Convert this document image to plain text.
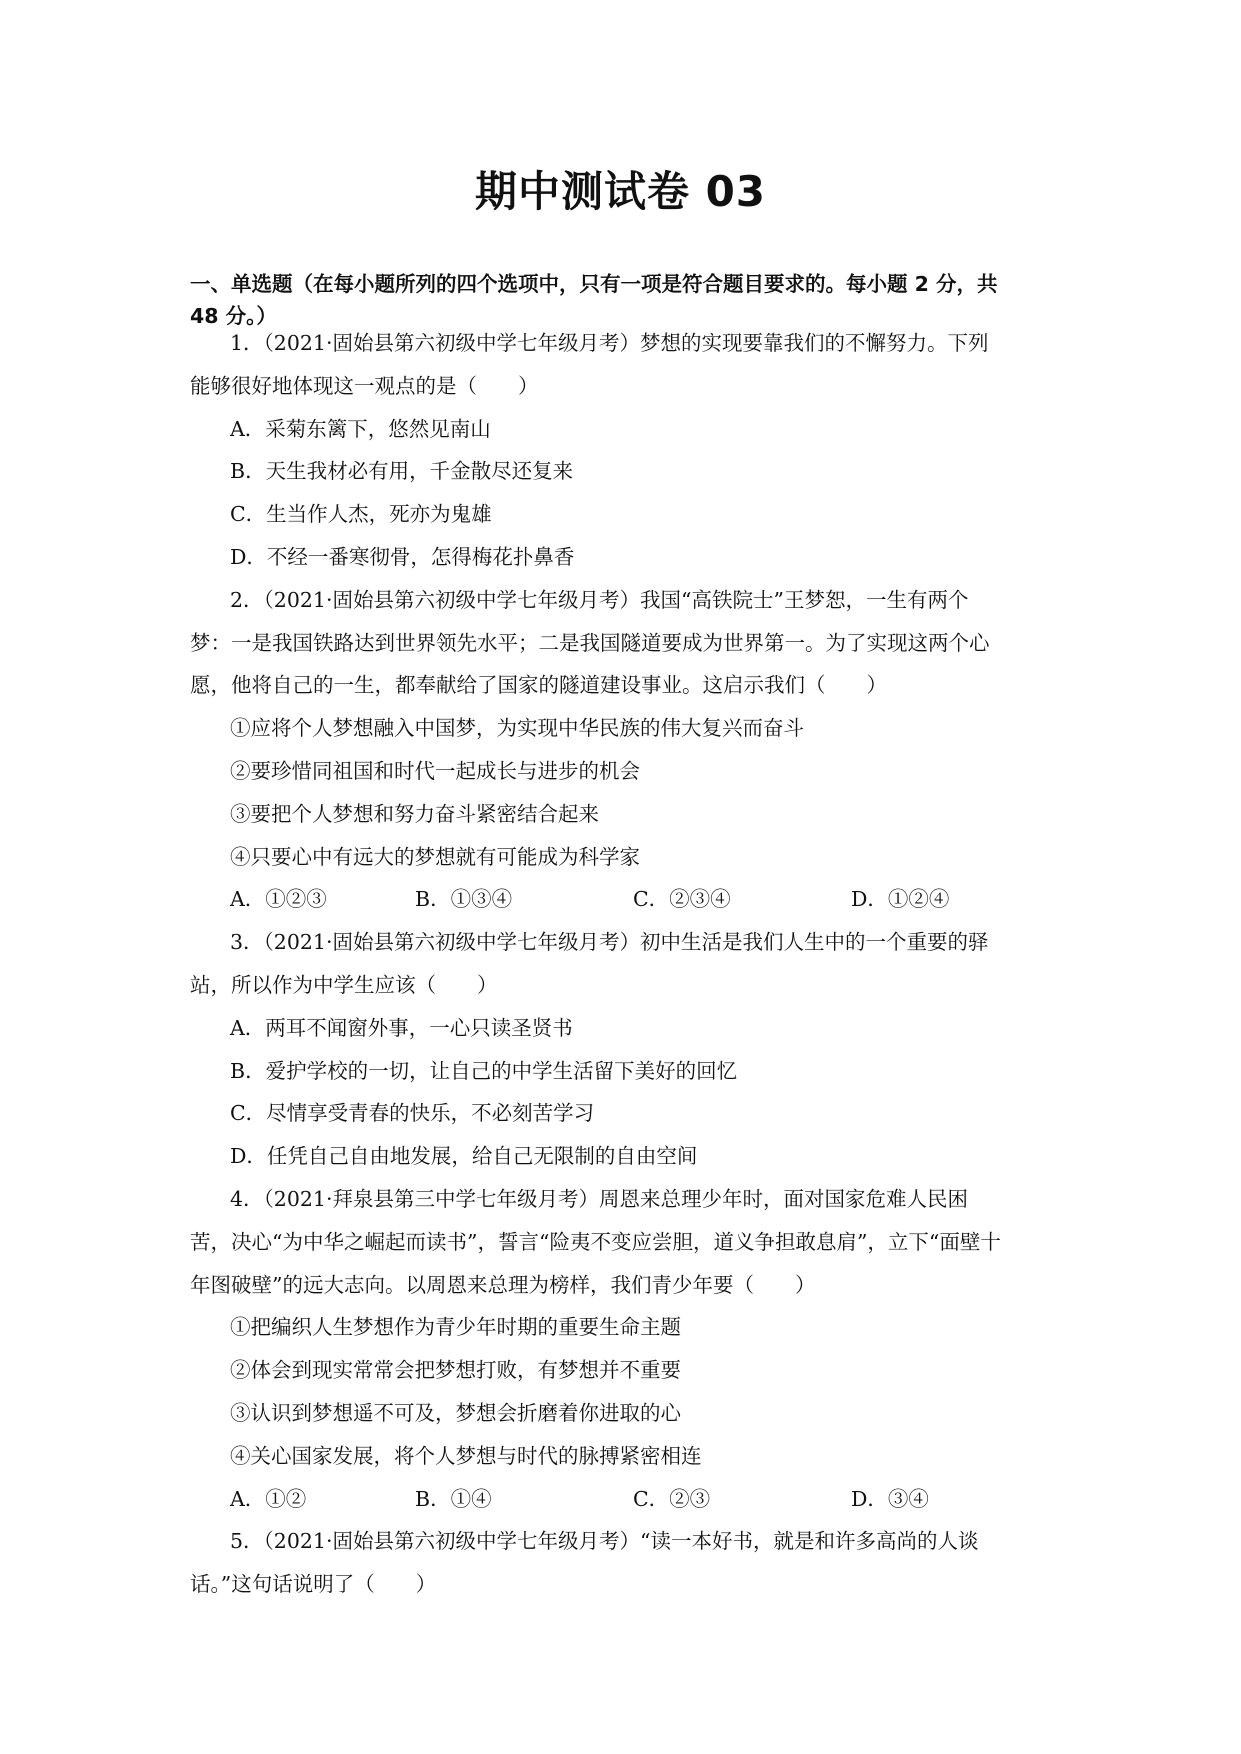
期中测试卷 03
一、单选题（在每小题所列的四个选项中，只有一项是符合题目要求的。每小题 2 分，共
48 分。）
1．（2021·固始县第六初级中学七年级月考）梦想的实现要靠我们的不懈努力。下列
能够很好地体现这一观点的是（　　）
A．采菊东篱下，悠然见南山
B．天生我材必有用，千金散尽还复来
C．生当作人杰，死亦为鬼雄
D．不经一番寒彻骨，怎得梅花扑鼻香
2．（2021·固始县第六初级中学七年级月考）我国“高铁院士”王梦恕，一生有两个
梦：一是我国铁路达到世界领先水平；二是我国隧道要成为世界第一。为了实现这两个心
愿，他将自己的一生，都奉献给了国家的隧道建设事业。这启示我们（　　）
①应将个人梦想融入中国梦，为实现中华民族的伟大复兴而奋斗
②要珍惜同祖国和时代一起成长与进步的机会
③要把个人梦想和努力奋斗紧密结合起来
④只要心中有远大的梦想就有可能成为科学家
A．①②③	B．①③④	C．②③④	D．①②④
3．（2021·固始县第六初级中学七年级月考）初中生活是我们人生中的一个重要的驿
站，所以作为中学生应该（　　）
A．两耳不闻窗外事，一心只读圣贤书
B．爱护学校的一切，让自己的中学生活留下美好的回忆
C．尽情享受青春的快乐，不必刻苦学习
D．任凭自己自由地发展，给自己无限制的自由空间
4．（2021·拜泉县第三中学七年级月考）周恩来总理少年时，面对国家危难人民困
苦，决心“为中华之崛起而读书”，誓言“险夷不变应尝胆，道义争担敢息肩”，立下“面壁十
年图破壁”的远大志向。以周恩来总理为榜样，我们青少年要（　　）
①把编织人生梦想作为青少年时期的重要生命主题
②体会到现实常常会把梦想打败，有梦想并不重要
③认识到梦想遥不可及，梦想会折磨着你进取的心
④关心国家发展，将个人梦想与时代的脉搏紧密相连
A．①②	B．①④	C．②③	D．③④
5．（2021·固始县第六初级中学七年级月考）“读一本好书，就是和许多高尚的人谈
话。”这句话说明了（　　）
